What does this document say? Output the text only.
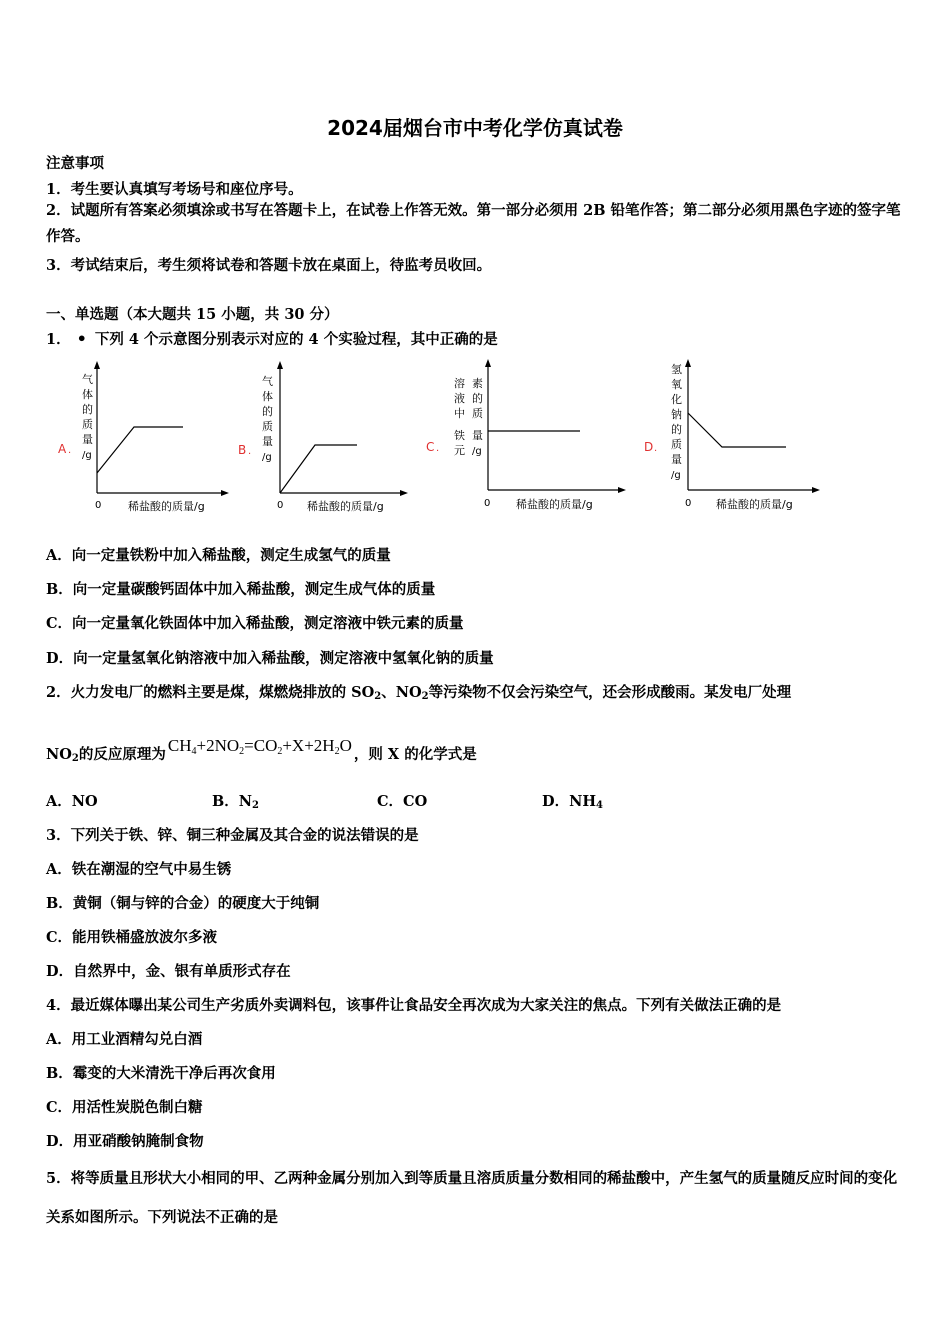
2024届烟台市中考化学仿真试卷
注意事项
1．考生要认真填写考场号和座位序号。
2．试题所有答案必须填涂或书写在答题卡上，在试卷上作答无效。第一部分必须用 2B 铅笔作答；第二部分必须用黑色字迹的签字笔作答。
3．考试结束后，考生须将试卷和答题卡放在桌面上，待监考员收回。
一、单选题（本大题共 15 小题，共 30 分）
1． • 下列 4 个示意图分别表示对应的 4 个实验过程，其中正确的是
A .
气
体
的
质
量
/g
0 稀盐酸的质量/g
B .
气
体
的
质
量
/g
0 稀盐酸的质量/g
C .
溶
液
中
铁
元
素
的
质
量
/g
0 稀盐酸的质量/g
D .
氢
氧
化
钠
的
质
量
/g
0 稀盐酸的质量/g
A．向一定量铁粉中加入稀盐酸，测定生成氢气的质量
B．向一定量碳酸钙固体中加入稀盐酸，测定生成气体的质量
C．向一定量氧化铁固体中加入稀盐酸，测定溶液中铁元素的质量
D．向一定量氢氧化钠溶液中加入稀盐酸，测定溶液中氢氧化钠的质量
2．火力发电厂的燃料主要是煤，煤燃烧排放的 $SO_2$、$NO_2$等污染物不仅会污染空气，还会形成酸雨。某发电厂处理
$NO_2$的反应原理为 CH4+2NO2=CO2+X+2H2O ，则 X 的化学式是
A．NO	B．$N_2$	C．CO	D．$NH_4$
3．下列关于铁、锌、铜三种金属及其合金的说法错误的是
A．铁在潮湿的空气中易生锈
B．黄铜（铜与锌的合金）的硬度大于纯铜
C．能用铁桶盛放波尔多液
D．自然界中，金、银有单质形式存在
4．最近媒体曝出某公司生产劣质外卖调料包，该事件让食品安全再次成为大家关注的焦点。下列有关做法正确的是
A．用工业酒精勾兑白酒
B．霉变的大米清洗干净后再次食用
C．用活性炭脱色制白糖
D．用亚硝酸钠腌制食物
5．将等质量且形状大小相同的甲、乙两种金属分别加入到等质量且溶质质量分数相同的稀盐酸中，产生氢气的质量随反应时间的变化关系如图所示。下列说法不正确的是
